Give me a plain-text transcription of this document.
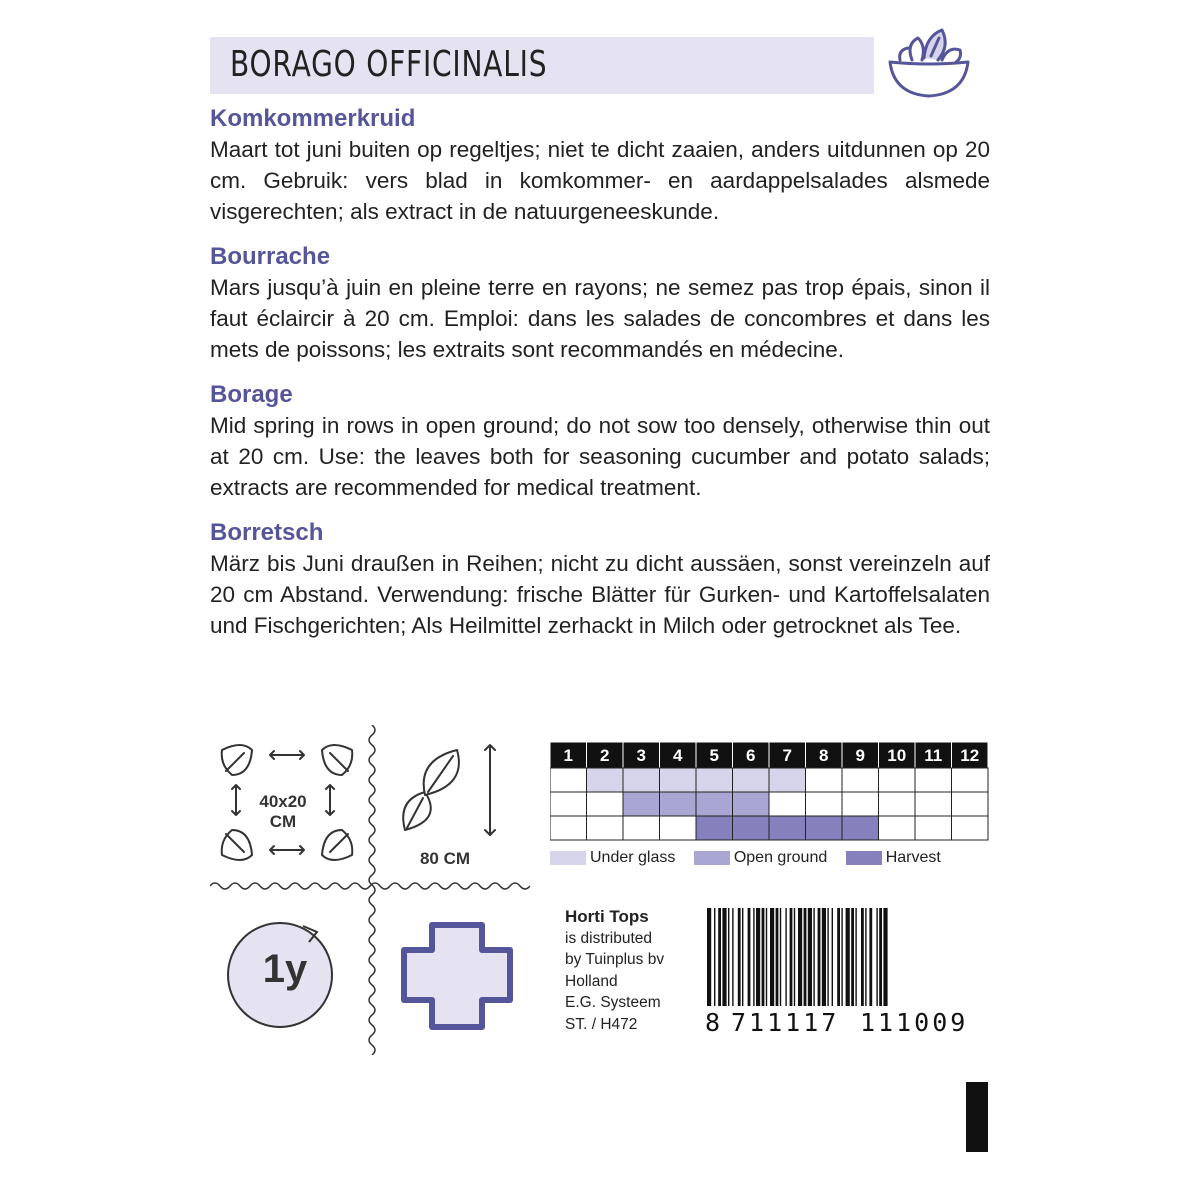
BORAGO OFFICINALIS
Komkommerkruid
Maart tot juni buiten op regeltjes; niet te dicht zaaien, anders uitdunnen op 20 cm. Gebruik: vers blad in komkommer- en aardappelsalades alsmede visgerechten; als extract in de natuurgeneeskunde.
Bourrache
Mars jusqu’à juin en pleine terre en rayons; ne semez pas trop épais, sinon il faut éclaircir à 20 cm. Emploi: dans les salades de concombres et dans les mets de poissons; les extraits sont recommandés en médecine.
Borage
Mid spring in rows in open ground; do not sow too densely, otherwise thin out at 20 cm. Use: the leaves both for seasoning cucumber and potato salads; extracts are recommended for medical treatment.
Borretsch
März bis Juni draußen in Reihen; nicht zu dicht aussäen, sonst vereinzeln auf 20 cm Abstand. Verwendung: frische Blätter für Gurken- und Kartoffelsalaten und Fischgerichten; Als Heilmittel zerhackt in Milch oder getrocknet als Tee.
40x20
CM
80 CM
1y
1 2 3 4 5 6 7 8 9 10 11 12
Under glass	Open ground	Harvest
Horti Tops
is distributed
by Tuinplus bv
Holland
E.G. Systeem
ST. / H472	8 711117 111009
